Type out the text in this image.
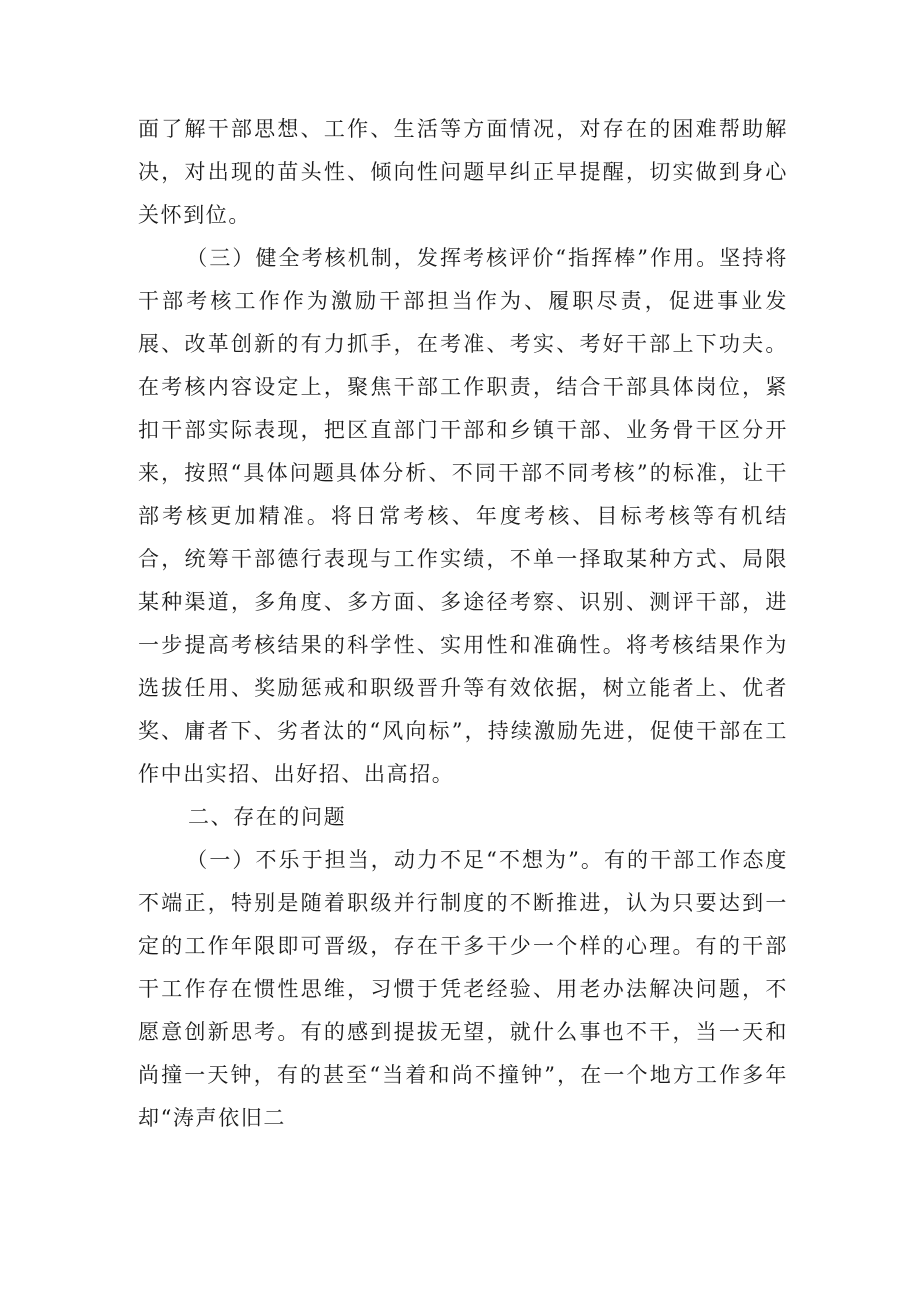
面了解干部思想、工作、生活等方面情况，对存在的困难帮助解决，对出现的苗头性、倾向性问题早纠正早提醒，切实做到身心关怀到位。

（三）健全考核机制，发挥考核评价“指挥棒”作用。坚持将干部考核工作作为激励干部担当作为、履职尽责，促进事业发展、改革创新的有力抓手，在考准、考实、考好干部上下功夫。在考核内容设定上，聚焦干部工作职责，结合干部具体岗位，紧扣干部实际表现，把区直部门干部和乡镇干部、业务骨干区分开来，按照“具体问题具体分析、不同干部不同考核”的标准，让干部考核更加精准。将日常考核、年度考核、目标考核等有机结合，统筹干部德行表现与工作实绩，不单一择取某种方式、局限某种渠道，多角度、多方面、多途径考察、识别、测评干部，进一步提高考核结果的科学性、实用性和准确性。将考核结果作为选拔任用、奖励惩戒和职级晋升等有效依据，树立能者上、优者奖、庸者下、劣者汰的“风向标”，持续激励先进，促使干部在工作中出实招、出好招、出高招。

二、存在的问题

（一）不乐于担当，动力不足“不想为”。有的干部工作态度不端正，特别是随着职级并行制度的不断推进，认为只要达到一定的工作年限即可晋级，存在干多干少一个样的心理。有的干部干工作存在惯性思维，习惯于凭老经验、用老办法解决问题，不愿意创新思考。有的感到提拔无望，就什么事也不干，当一天和尚撞一天钟，有的甚至“当着和尚不撞钟”，在一个地方工作多年却“涛声依旧二
